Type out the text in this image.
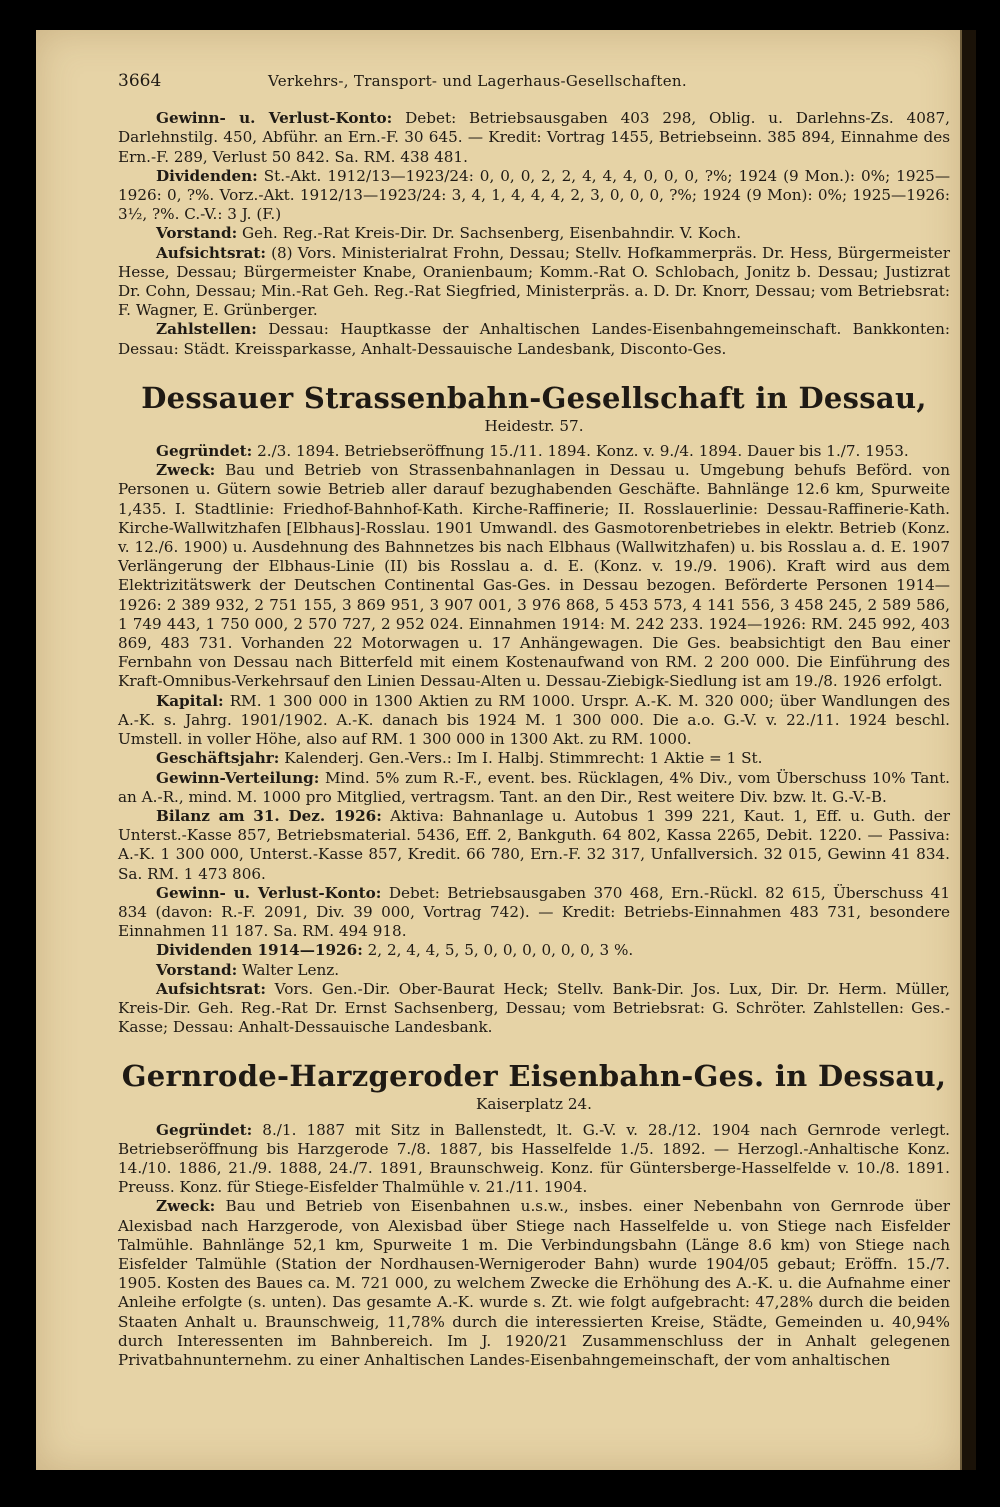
3664	Verkehrs-, Transport- und Lagerhaus-Gesellschaften.

Gewinn- u. Verlust-Konto: Debet: Betriebsausgaben 403 298, Oblig. u. Darlehns-Zs. 4087, Darlehnstilg. 450, Abführ. an Ern.-F. 30 645. — Kredit: Vortrag 1455, Betriebseinn. 385 894, Einnahme des Ern.-F. 289, Verlust 50 842. Sa. RM. 438 481.

Dividenden: St.-Akt. 1912/13—1923/24: 0, 0, 0, 2, 2, 4, 4, 4, 0, 0, 0, ?%; 1924 (9 Mon.): 0%; 1925—1926: 0, ?%. Vorz.-Akt. 1912/13—1923/24: 3, 4, 1, 4, 4, 4, 2, 3, 0, 0, 0, ?%; 1924 (9 Mon): 0%; 1925—1926: 3½, ?%. C.-V.: 3 J. (F.)

Vorstand: Geh. Reg.-Rat Kreis-Dir. Dr. Sachsenberg, Eisenbahndir. V. Koch.

Aufsichtsrat: (8) Vors. Ministerialrat Frohn, Dessau; Stellv. Hofkammerpräs. Dr. Hess, Bürgermeister Hesse, Dessau; Bürgermeister Knabe, Oranienbaum; Komm.-Rat O. Schlobach, Jonitz b. Dessau; Justizrat Dr. Cohn, Dessau; Min.-Rat Geh. Reg.-Rat Siegfried, Ministerpräs. a. D. Dr. Knorr, Dessau; vom Betriebsrat: F. Wagner, E. Grünberger.

Zahlstellen: Dessau: Hauptkasse der Anhaltischen Landes-Eisenbahngemeinschaft. Bankkonten: Dessau: Städt. Kreissparkasse, Anhalt-Dessauische Landesbank, Disconto-Ges.

Dessauer Strassenbahn-Gesellschaft in Dessau,
Heidestr. 57.

Gegründet: 2./3. 1894. Betriebseröffnung 15./11. 1894. Konz. v. 9./4. 1894. Dauer bis 1./7. 1953.

Zweck: Bau und Betrieb von Strassenbahnanlagen in Dessau u. Umgebung behufs Beförd. von Personen u. Gütern sowie Betrieb aller darauf bezughabenden Geschäfte. Bahnlänge 12.6 km, Spurweite 1,435. I. Stadtlinie: Friedhof-Bahnhof-Kath. Kirche-Raffinerie; II. Rosslauerlinie: Dessau-Raffinerie-Kath. Kirche-Wallwitzhafen [Elbhaus]-Rosslau. 1901 Umwandl. des Gasmotorenbetriebes in elektr. Betrieb (Konz. v. 12./6. 1900) u. Ausdehnung des Bahnnetzes bis nach Elbhaus (Wallwitzhafen) u. bis Rosslau a. d. E. 1907 Verlängerung der Elbhaus-Linie (II) bis Rosslau a. d. E. (Konz. v. 19./9. 1906). Kraft wird aus dem Elektrizitätswerk der Deutschen Continental Gas-Ges. in Dessau bezogen. Beförderte Personen 1914—1926: 2 389 932, 2 751 155, 3 869 951, 3 907 001, 3 976 868, 5 453 573, 4 141 556, 3 458 245, 2 589 586, 1 749 443, 1 750 000, 2 570 727, 2 952 024. Einnahmen 1914: M. 242 233. 1924—1926: RM. 245 992, 403 869, 483 731. Vorhanden 22 Motorwagen u. 17 Anhängewagen. Die Ges. beabsichtigt den Bau einer Fernbahn von Dessau nach Bitterfeld mit einem Kostenaufwand von RM. 2 200 000. Die Einführung des Kraft-Omnibus-Verkehrsauf den Linien Dessau-Alten u. Dessau-Ziebigk-Siedlung ist am 19./8. 1926 erfolgt.

Kapital: RM. 1 300 000 in 1300 Aktien zu RM 1000. Urspr. A.-K. M. 320 000; über Wandlungen des A.-K. s. Jahrg. 1901/1902. A.-K. danach bis 1924 M. 1 300 000. Die a.o. G.-V. v. 22./11. 1924 beschl. Umstell. in voller Höhe, also auf RM. 1 300 000 in 1300 Akt. zu RM. 1000.

Geschäftsjahr: Kalenderj. Gen.-Vers.: Im I. Halbj. Stimmrecht: 1 Aktie = 1 St.

Gewinn-Verteilung: Mind. 5% zum R.-F., event. bes. Rücklagen, 4% Div., vom Überschuss 10% Tant. an A.-R., mind. M. 1000 pro Mitglied, vertragsm. Tant. an den Dir., Rest weitere Div. bzw. lt. G.-V.-B.

Bilanz am 31. Dez. 1926: Aktiva: Bahnanlage u. Autobus 1 399 221, Kaut. 1, Eff. u. Guth. der Unterst.-Kasse 857, Betriebsmaterial. 5436, Eff. 2, Bankguth. 64 802, Kassa 2265, Debit. 1220. — Passiva: A.-K. 1 300 000, Unterst.-Kasse 857, Kredit. 66 780, Ern.-F. 32 317, Unfallversich. 32 015, Gewinn 41 834. Sa. RM. 1 473 806.

Gewinn- u. Verlust-Konto: Debet: Betriebsausgaben 370 468, Ern.-Rückl. 82 615, Überschuss 41 834 (davon: R.-F. 2091, Div. 39 000, Vortrag 742). — Kredit: Betriebs-Einnahmen 483 731, besondere Einnahmen 11 187. Sa. RM. 494 918.

Dividenden 1914—1926: 2, 2, 4, 4, 5, 5, 0, 0, 0, 0, 0, 0, 3 %.

Vorstand: Walter Lenz.

Aufsichtsrat: Vors. Gen.-Dir. Ober-Baurat Heck; Stellv. Bank-Dir. Jos. Lux, Dir. Dr. Herm. Müller, Kreis-Dir. Geh. Reg.-Rat Dr. Ernst Sachsenberg, Dessau; vom Betriebsrat: G. Schröter. Zahlstellen: Ges.-Kasse; Dessau: Anhalt-Dessauische Landesbank.

Gernrode-Harzgeroder Eisenbahn-Ges. in Dessau,
Kaiserplatz 24.

Gegründet: 8./1. 1887 mit Sitz in Ballenstedt, lt. G.-V. v. 28./12. 1904 nach Gernrode verlegt. Betriebseröffnung bis Harzgerode 7./8. 1887, bis Hasselfelde 1./5. 1892. — Herzogl.-Anhaltische Konz. 14./10. 1886, 21./9. 1888, 24./7. 1891, Braunschweig. Konz. für Güntersberge-Hasselfelde v. 10./8. 1891. Preuss. Konz. für Stiege-Eisfelder Thalmühle v. 21./11. 1904.

Zweck: Bau und Betrieb von Eisenbahnen u.s.w., insbes. einer Nebenbahn von Gernrode über Alexisbad nach Harzgerode, von Alexisbad über Stiege nach Hasselfelde u. von Stiege nach Eisfelder Talmühle. Bahnlänge 52,1 km, Spurweite 1 m. Die Verbindungsbahn (Länge 8.6 km) von Stiege nach Eisfelder Talmühle (Station der Nordhausen-Wernigeroder Bahn) wurde 1904/05 gebaut; Eröffn. 15./7. 1905. Kosten des Baues ca. M. 721 000, zu welchem Zwecke die Erhöhung des A.-K. u. die Aufnahme einer Anleihe erfolgte (s. unten). Das gesamte A.-K. wurde s. Zt. wie folgt aufgebracht: 47,28% durch die beiden Staaten Anhalt u. Braunschweig, 11,78% durch die interessierten Kreise, Städte, Gemeinden u. 40,94% durch Interessenten im Bahnbereich. Im J. 1920/21 Zusammenschluss der in Anhalt gelegenen Privatbahnunternehm. zu einer Anhaltischen Landes-Eisenbahngemeinschaft, der vom anhaltischen
